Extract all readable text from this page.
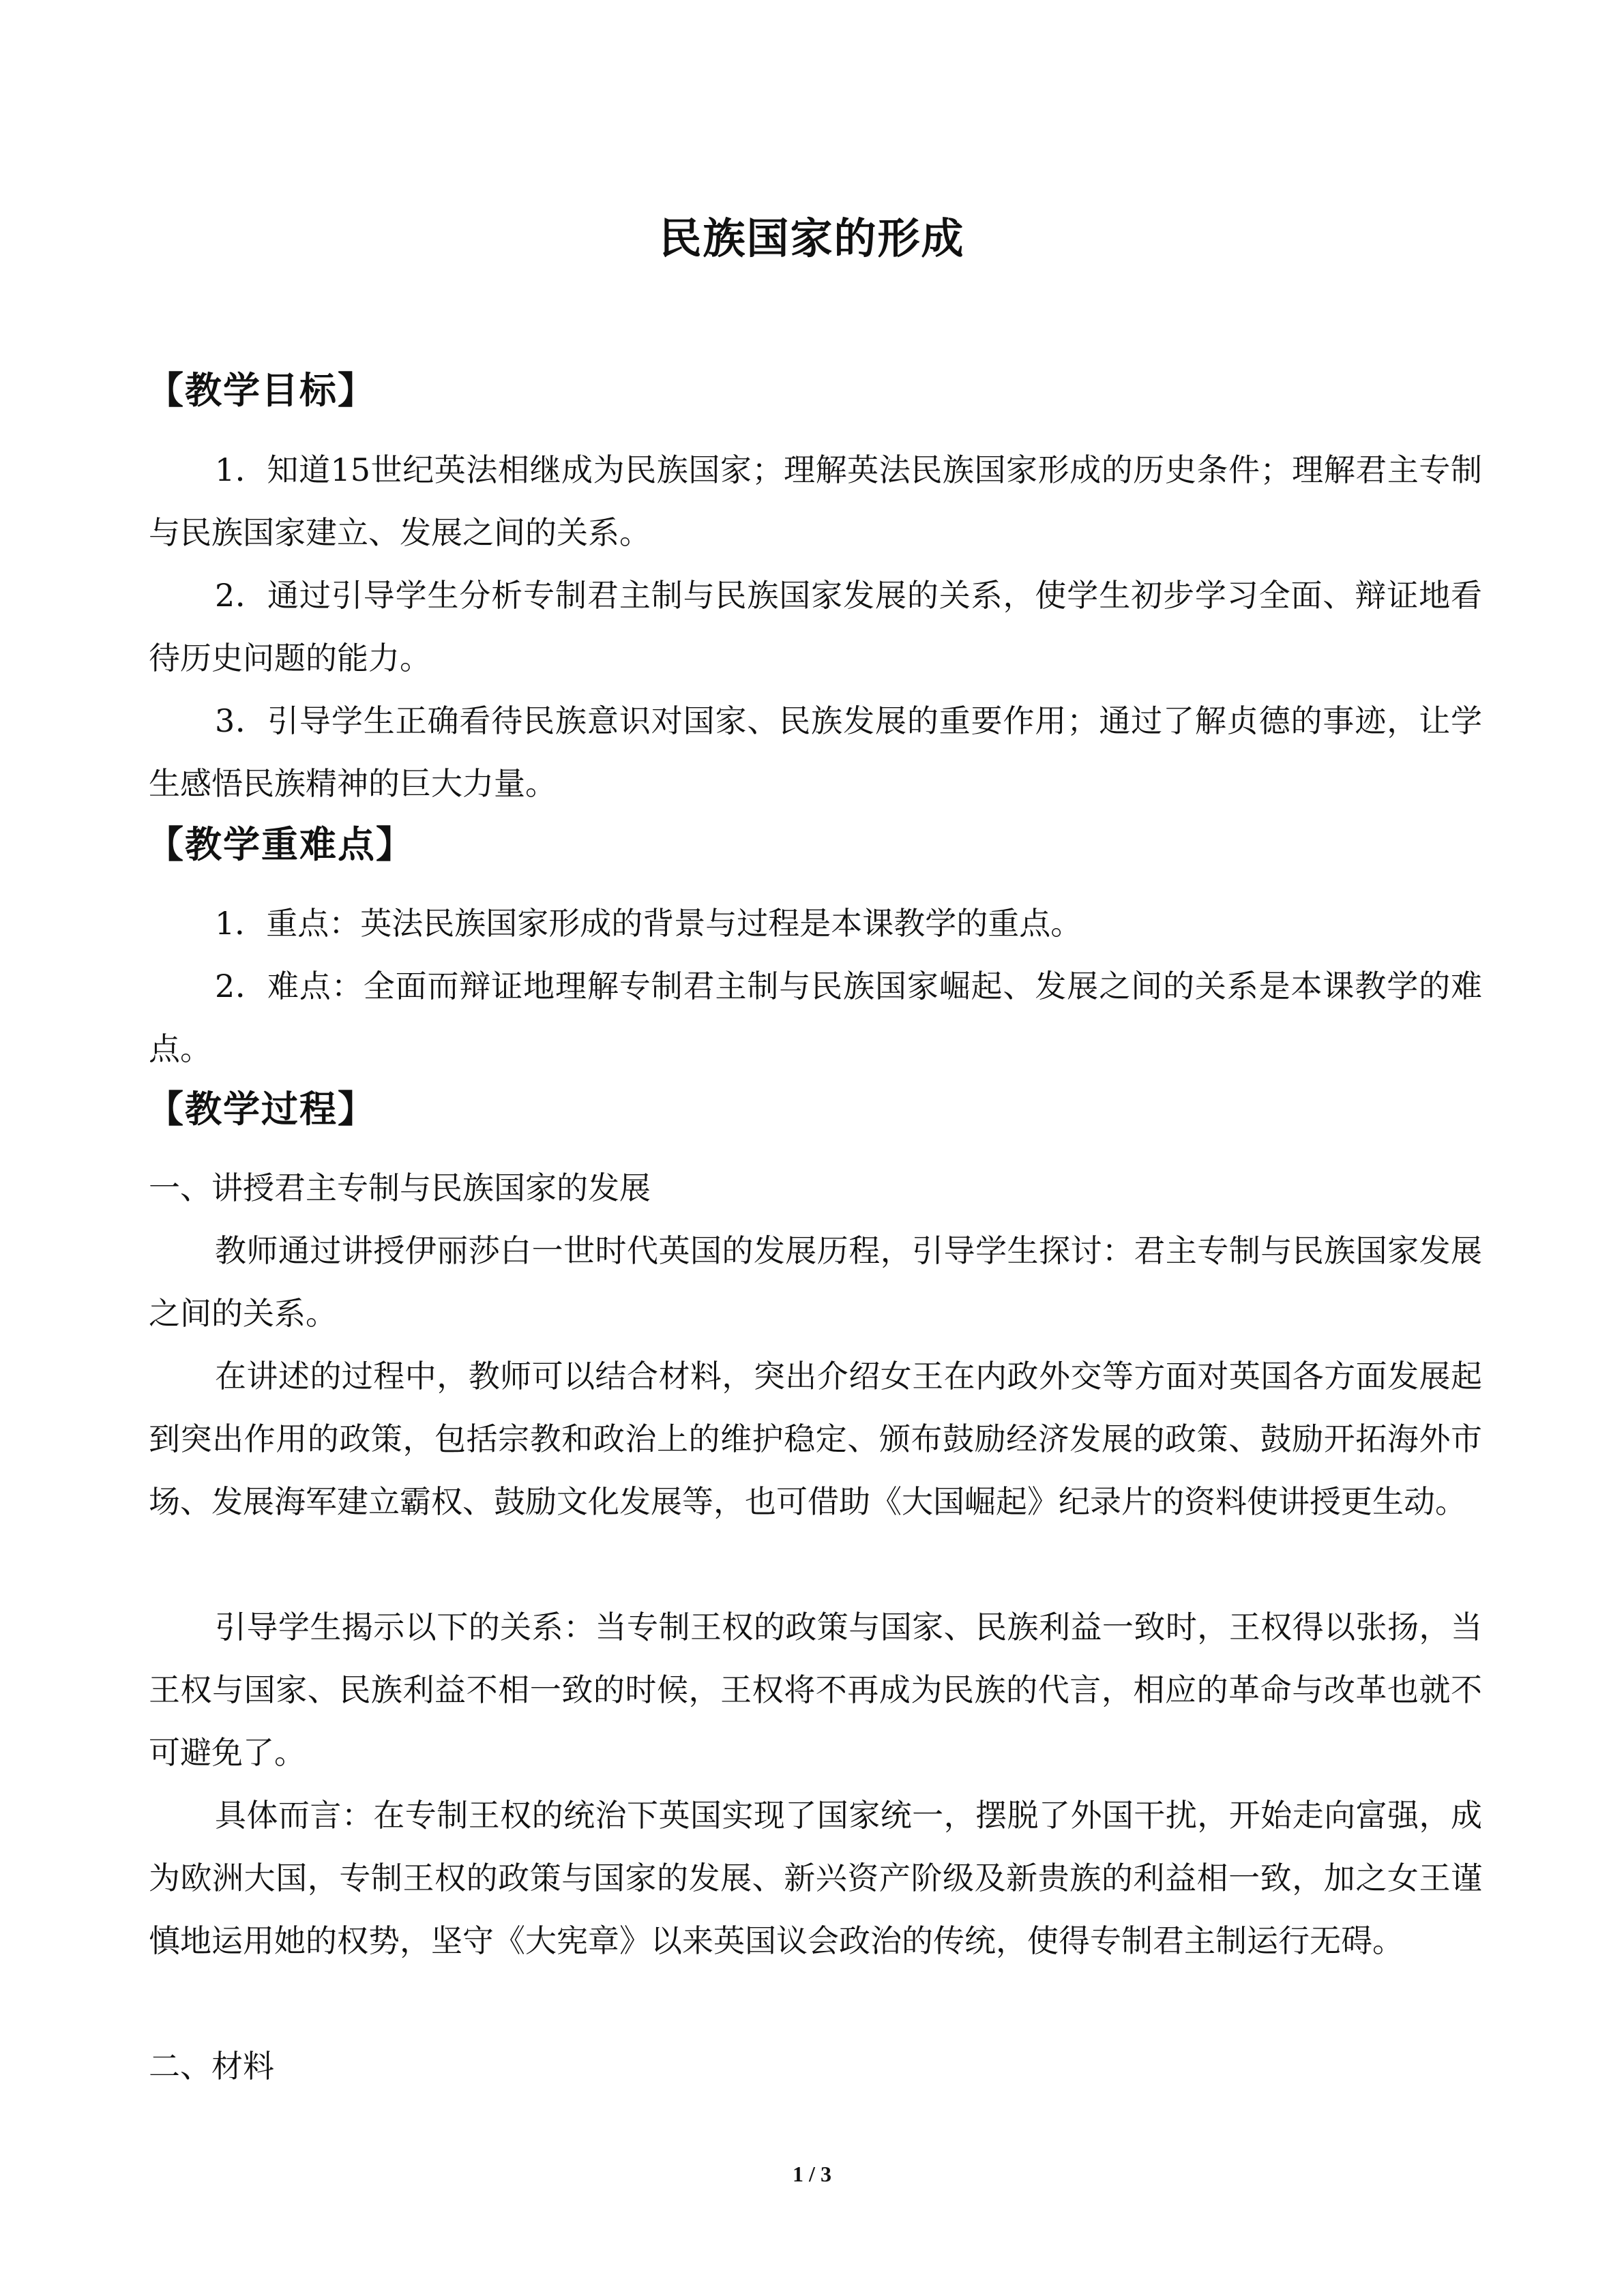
民族国家的形成
【教学目标】
1．知道15世纪英法相继成为民族国家；理解英法民族国家形成的历史条件；理解君主专制与民族国家建立、发展之间的关系。
2．通过引导学生分析专制君主制与民族国家发展的关系，使学生初步学习全面、辩证地看待历史问题的能力。
3．引导学生正确看待民族意识对国家、民族发展的重要作用；通过了解贞德的事迹，让学生感悟民族精神的巨大力量。
【教学重难点】
1．重点：英法民族国家形成的背景与过程是本课教学的重点。
2．难点：全面而辩证地理解专制君主制与民族国家崛起、发展之间的关系是本课教学的难点。
【教学过程】
一、讲授君主专制与民族国家的发展
教师通过讲授伊丽莎白一世时代英国的发展历程，引导学生探讨：君主专制与民族国家发展之间的关系。
在讲述的过程中，教师可以结合材料，突出介绍女王在内政外交等方面对英国各方面发展起到突出作用的政策，包括宗教和政治上的维护稳定、颁布鼓励经济发展的政策、鼓励开拓海外市场、发展海军建立霸权、鼓励文化发展等，也可借助《大国崛起》纪录片的资料使讲授更生动。
引导学生揭示以下的关系：当专制王权的政策与国家、民族利益一致时，王权得以张扬，当王权与国家、民族利益不相一致的时候，王权将不再成为民族的代言，相应的革命与改革也就不可避免了。
具体而言：在专制王权的统治下英国实现了国家统一，摆脱了外国干扰，开始走向富强，成为欧洲大国，专制王权的政策与国家的发展、新兴资产阶级及新贵族的利益相一致，加之女王谨慎地运用她的权势，坚守《大宪章》以来英国议会政治的传统，使得专制君主制运行无碍。
二、材料
1 / 3
